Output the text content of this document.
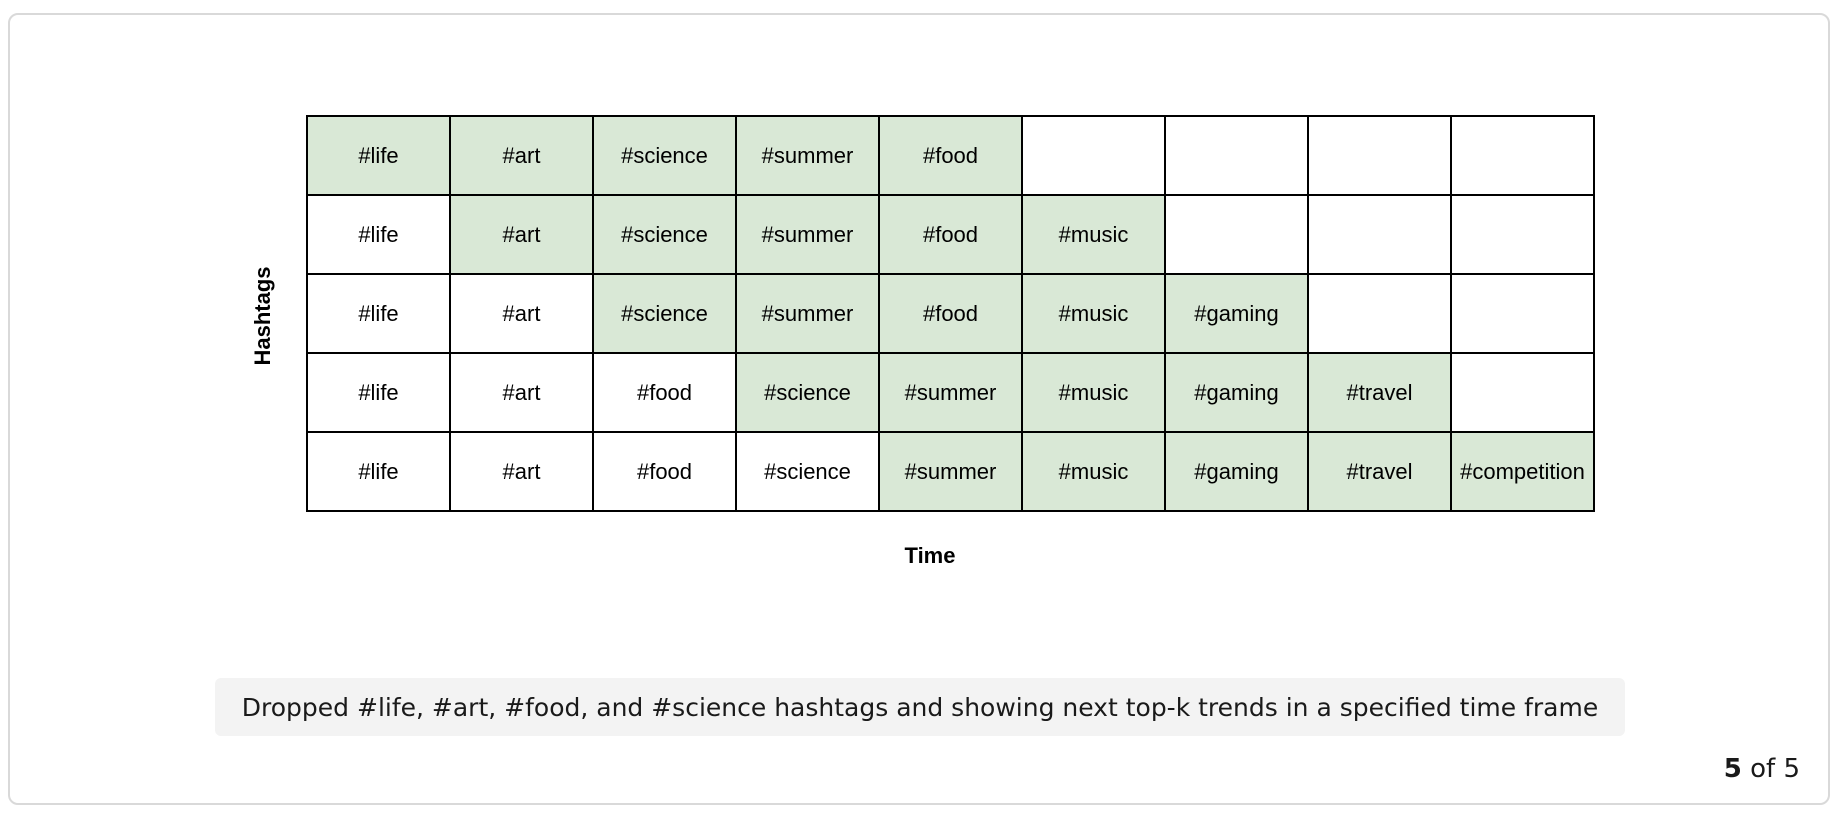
Hashtags
#life	#art	#science	#summer	#food
#life	#art	#science	#summer	#food	#music
#life	#art	#science	#summer	#food	#music	#gaming
#life	#art	#food	#science	#summer	#music	#gaming	#travel
#life	#art	#food	#science	#summer	#music	#gaming	#travel	#competition
Time
Dropped #life, #art, #food, and #science hashtags and showing next top-k trends in a specified time frame
5 of 5
